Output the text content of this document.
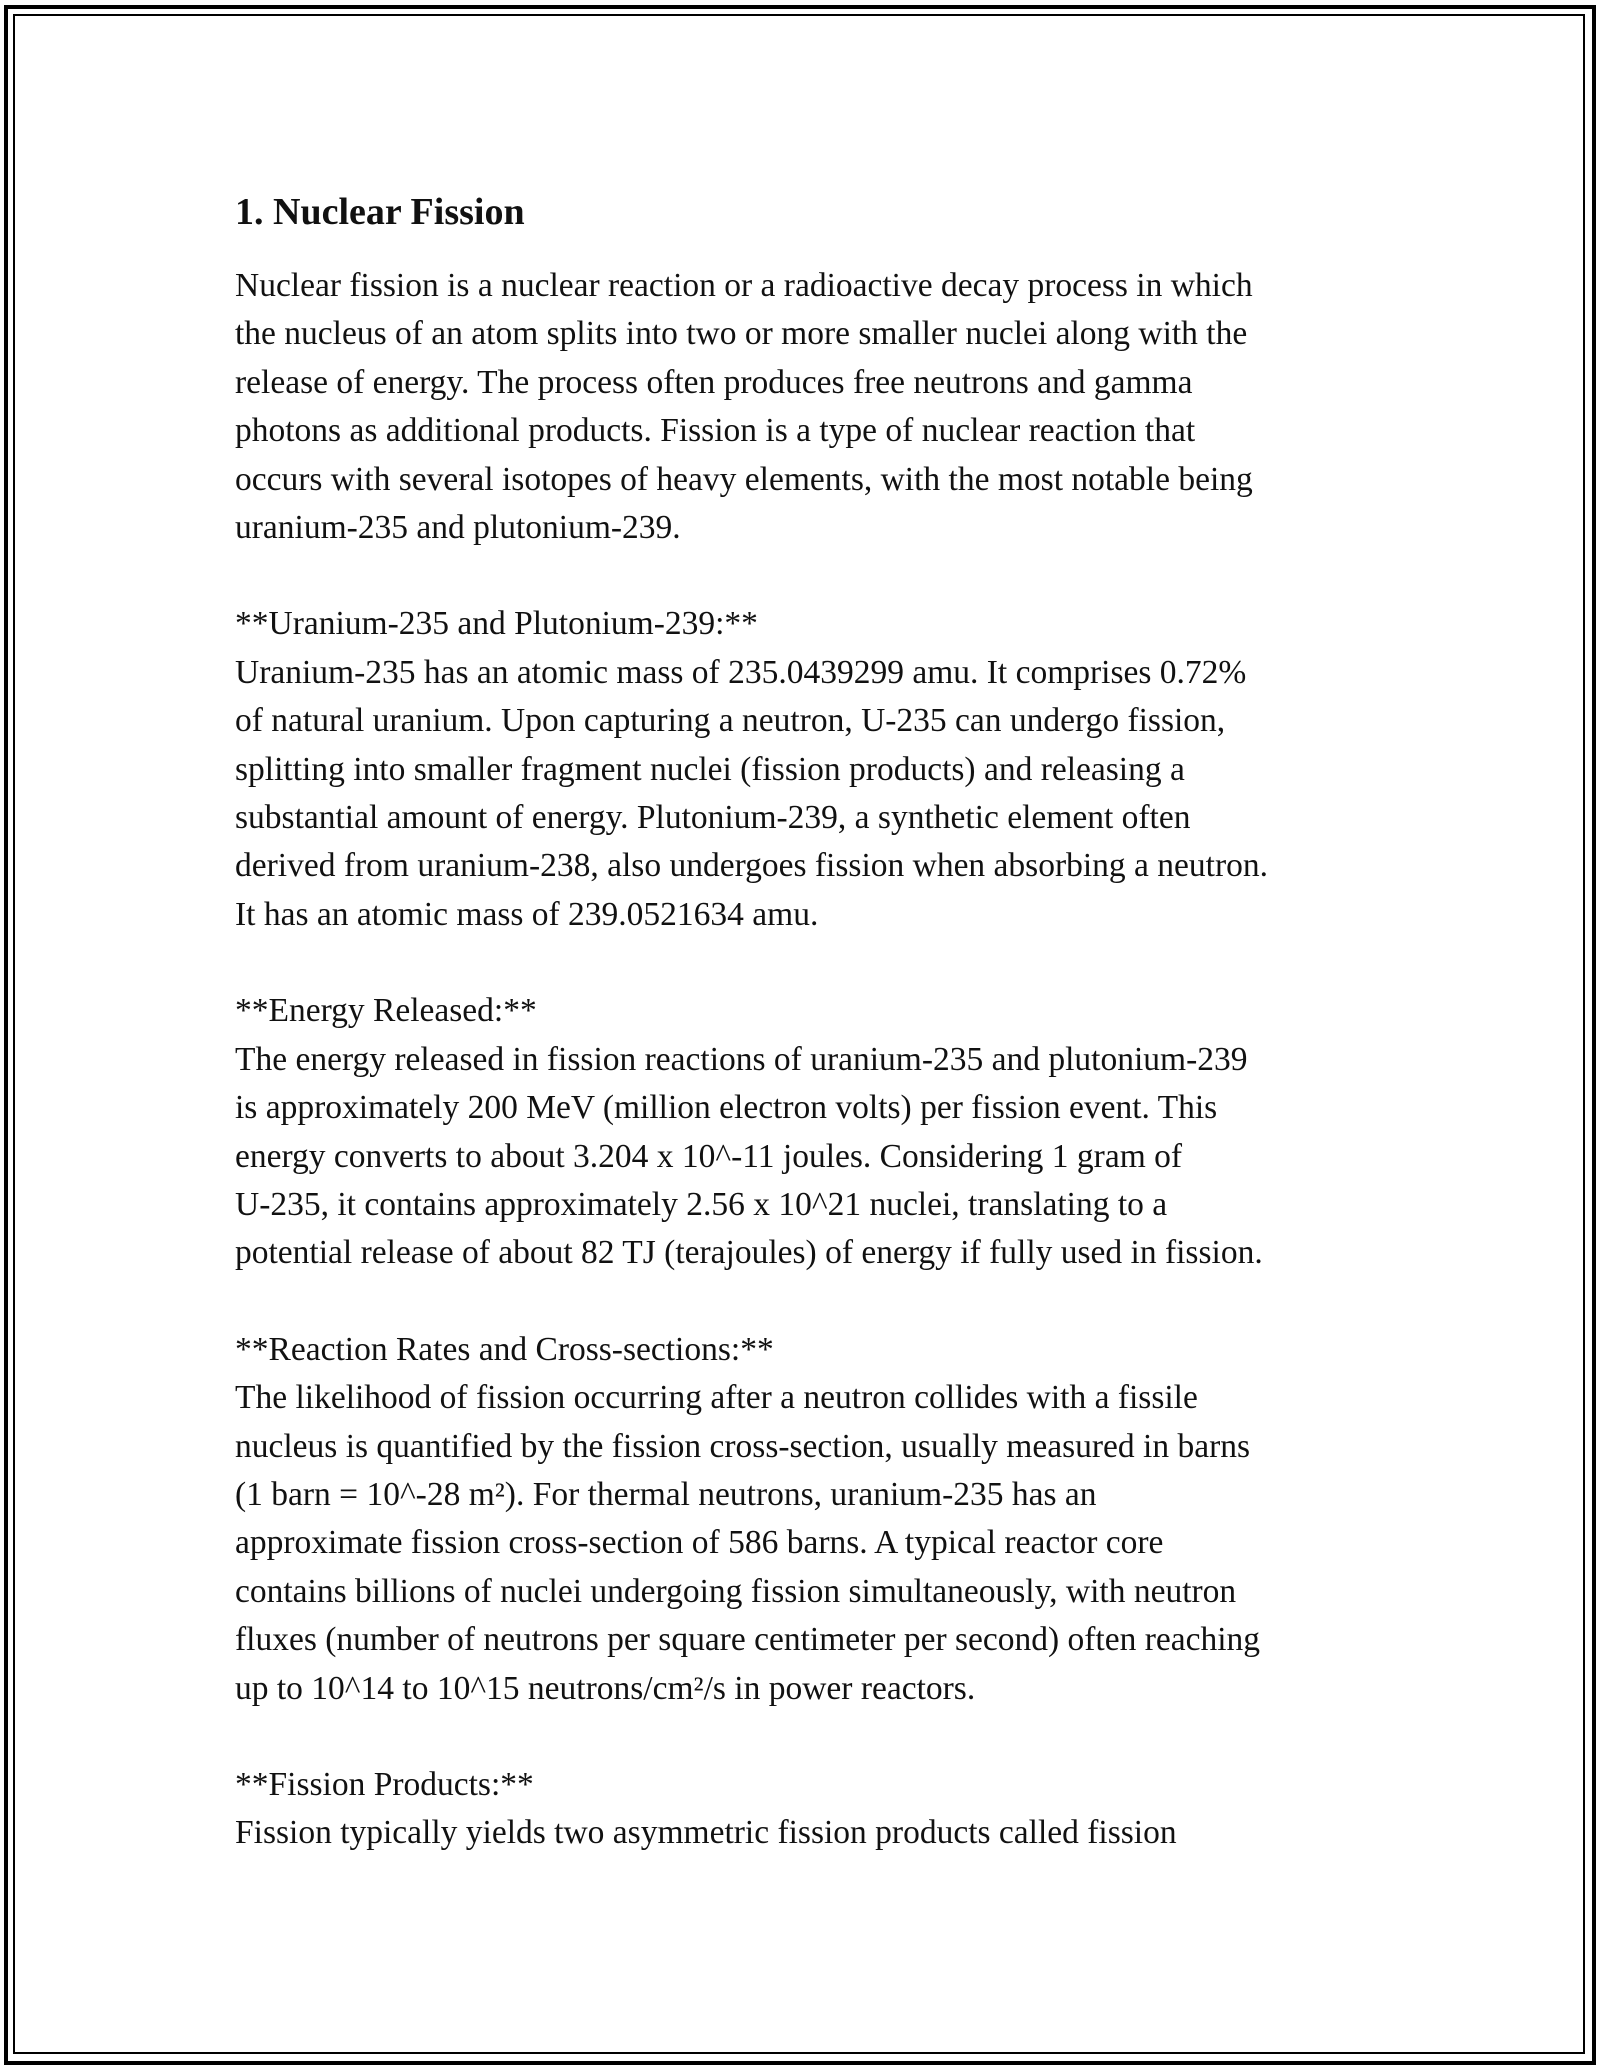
1. Nuclear Fission

Nuclear fission is a nuclear reaction or a radioactive decay process in which
the nucleus of an atom splits into two or more smaller nuclei along with the
release of energy. The process often produces free neutrons and gamma
photons as additional products. Fission is a type of nuclear reaction that
occurs with several isotopes of heavy elements, with the most notable being
uranium-235 and plutonium-239.

**Uranium-235 and Plutonium-239:**

Uranium-235 has an atomic mass of 235.0439299 amu. It comprises 0.72%
of natural uranium. Upon capturing a neutron, U-235 can undergo fission,
splitting into smaller fragment nuclei (fission products) and releasing a
substantial amount of energy. Plutonium-239, a synthetic element often
derived from uranium-238, also undergoes fission when absorbing a neutron.
It has an atomic mass of 239.0521634 amu.

**Energy Released:**

The energy released in fission reactions of uranium-235 and plutonium-239
is approximately 200 MeV (million electron volts) per fission event. This
energy converts to about 3.204 x 10^-11 joules. Considering 1 gram of
U-235, it contains approximately 2.56 x 10^21 nuclei, translating to a
potential release of about 82 TJ (terajoules) of energy if fully used in fission.

**Reaction Rates and Cross-sections:**

The likelihood of fission occurring after a neutron collides with a fissile
nucleus is quantified by the fission cross-section, usually measured in barns
(1 barn = 10^-28 m²). For thermal neutrons, uranium-235 has an
approximate fission cross-section of 586 barns. A typical reactor core
contains billions of nuclei undergoing fission simultaneously, with neutron
fluxes (number of neutrons per square centimeter per second) often reaching
up to 10^14 to 10^15 neutrons/cm²/s in power reactors.

**Fission Products:**

Fission typically yields two asymmetric fission products called fission
